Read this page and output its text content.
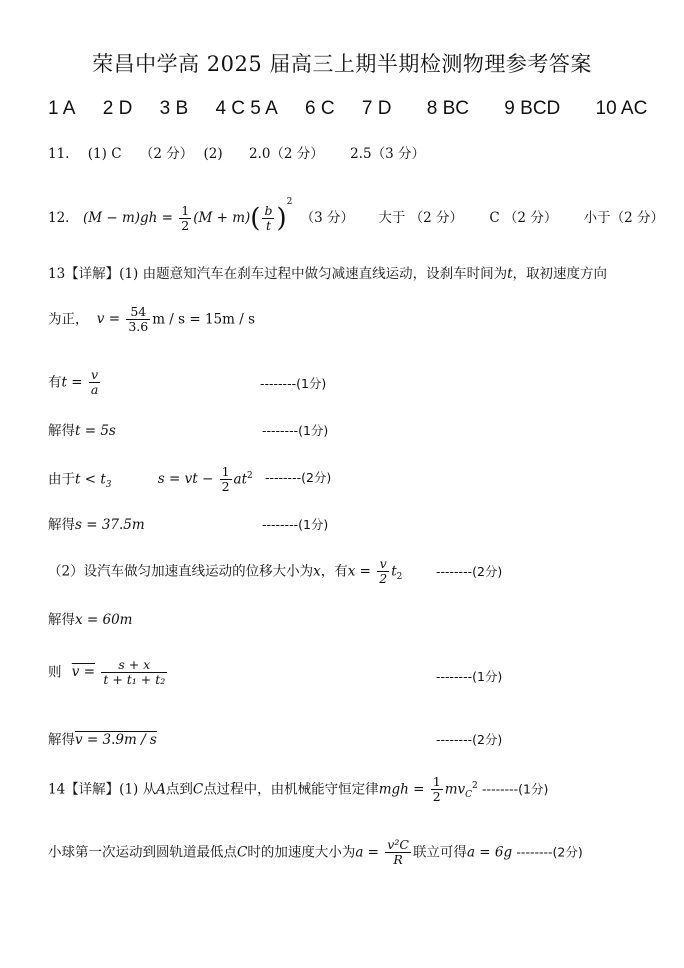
荣昌中学高 2025 届高三上期半期检测物理参考答案
1 A 2 D 3 B 4 C 5 A 6 C 7 D 8 BC 9 BCD 10 AC
11. (1) C （2 分） (2) 2.0（2 分） 2.5（3 分）
12． $(M - m)gh = \frac{1}{2} (M + m)( \frac{b}{t} )^2$ （3 分） 大于 （2 分） C （2 分） 小于（2 分）
13【详解】(1) 由题意知汽车在刹车过程中做匀减速直线运动，设刹车时间为t，取初速度方向
为正， $v = \frac{54}{3.6}$ m / s = 15m / s
有$t = \frac{v}{a}$	--------(1分)
解得t = 5s	--------(1分)
由于$t < t_3$	s = vt − $\frac{1}{2} at^2$ --------(2分)
解得s = 37.5m	--------(1分)
（2）设汽车做匀加速直线运动的位移大小为x，有$x = \frac{v}{2} t_2$	--------(2分)
解得x = 60m
则 $v = \frac{s + x}{\text{t + t₁ + t₂}}$	--------(1分)
解得v = 3.9m / s	--------(2分)
14【详解】(1) 从A点到C点过程中，由机械能守恒定律mgh = $\frac{1}{2} mv_C^2$ --------(1分)
小球第一次运动到圆轨道最低点C时的加速度大小为$a = \frac{\text{v²C}}{R}$ 联立可得a = 6g --------(2分)
